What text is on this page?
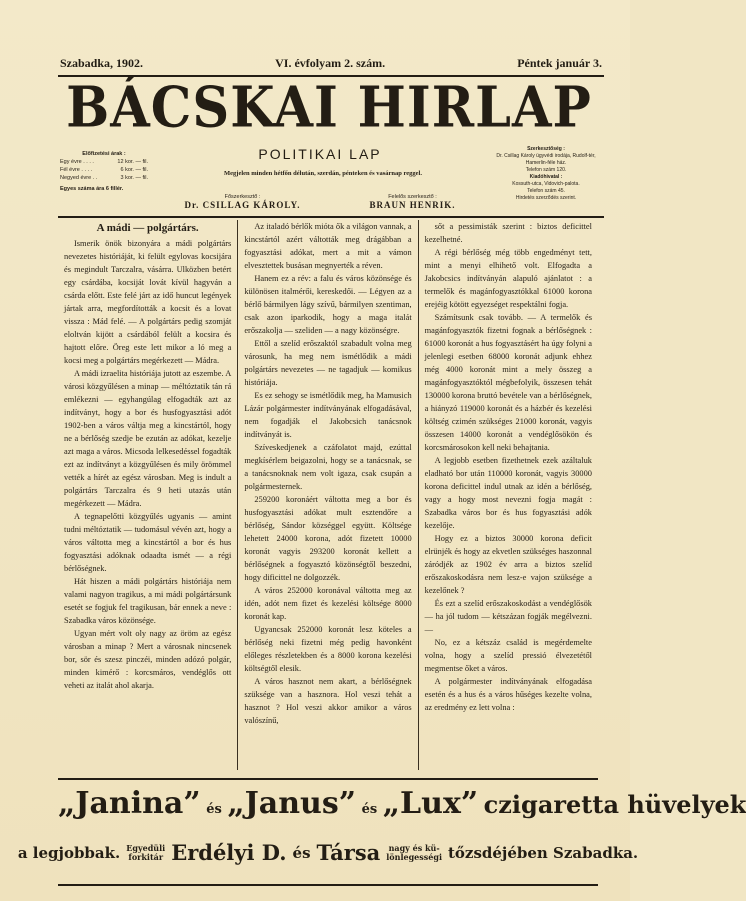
Szabadka, 1902.	VI. évfolyam 2. szám.	Péntek január 3.
BÁCSKAI HIRLAP
POLITIKAI LAP
Megjelen minden hétfőn délután, szerdán, pénteken és vasárnap reggel.
Előfizetési árak :
Egy évre . . . .	12 kor. — fil.
Fél évre . . . .	6 kor. — fil.
Negyed évre . .	3 kor. — fil.
Egyes száma ára 6 fillér.
Szerkesztőség :
Dr. Csillag Károly ügyvédi irodája, Rudolf-tér, Hamerlin-féle ház.
Telefon szám 120.
Kiadóhivatal :
Kossuth-utca, Vidovich-palota.
Telefon szám 45.
Hirdetés szerződés szerint.
Főszerkesztő :
Dr. CSILLAG KÁROLY.
Felelős szerkesztő :
BRAUN HENRIK.
A mádi — polgártárs.

Ismerik önök bizonyára a mádi polgártárs nevezetes históriáját, ki felült egylovas kocsijára és megindult Tarczalra, vásárra. Ulközben betért egy csárdába, kocsiját lovát kívül hagyván a csárda előtt. Este felé járt az idő huncut legények jártak arra, megfordították a kocsit és a lovat vissza : Mád felé. — A polgártárs pedig szomját eloltván kijött a csárdából felült a kocsira és hajtott előre. Öreg este lett mikor a ló meg a kocsi meg a polgártárs megérkezett — Mádra.

A mádi izraelita históriája jutott az eszembe. A városi közgyűlésen a minap — méltóztatik tán rá emlékezni — egyhangúlag elfogadták azt az indítványt, hogy a bor és husfogyasztási adót 1902-ben a város váltja meg a kincstártól, hogy ne a bérlőség szedje be ezután az adókat, kezelje azt maga a város. Micsoda lelkesedéssel fogadták ezt az indítványt a közgyűlésen és mily örömmel vették a hírét az egész városban. Meg is indult a polgártárs Tarczalra és 9 heti utazás után megérkezett — Mádra.

A tegnapelőtti közgyűlés ugyanis — amint tudni méltóztatik — tudomásul vévén azt, hogy a város váltotta meg a kincstártól a bor és hus fogyasztási adóknak odaadta ismét — a régi bérlőségnek.

Hát hiszen a mádi polgártárs históriája nem valami nagyon tragikus, a mi mádi polgártársunk esetét se fogjuk fel tragikusan, bár ennek a neve : Szabadka város közönsége.

Ugyan mért volt oly nagy az öröm az egész városban a minap ? Mert a városnak nincsenek bor, sör és szesz pinczéi, minden adózó polgár, minden kimérő : korcsmáros, vendéglős ott veheti az italát ahol akarja.

Az italadó bérlők mióta ők a világon vannak, a kincstártól azért váltották meg drágábban a fogyasztási adókat, mert a mit a vámon elvesztettek busásan megnyerték a réven.

Hanem ez a rév: a falu és város közönsége és különösen italmérői, kereskedői. — Légyen az a bérlő bármilyen lágy szívű, bármilyen szentiman, csak azon iparkodik, hogy a maga italát erőszakolja — szeliden — a nagy közönségre.

Ettől a szelíd erőszaktól szabadult volna meg városunk, ha meg nem ismétlődik a mádi polgártárs nevezetes — ne tagadjuk — komikus históriája.

Es ez sehogy se ismétlődik meg, ha Mamusich Lázár polgármester indítványának elfogadásával, nem fogadják el Jakobcsich tanácsnok indítványát is.

Szíveskedjenek a czáfolatot majd, ezúttal megkísérlem beigazolni, hogy se a tanácsnak, se a tanácsnoknak nem volt igaza, csak csupán a polgármesternek.

259200 koronáért váltotta meg a bor és husfogyasztási adókat mult esztendőre a bérlőség, Sándor községgel együtt. Költsége lehetett 24000 korona, adót fizetett 10000 koronát vagyis 293200 koronát kellett a bérlőségnek a fogyasztó közönségtől beszedni, hogy dificittel ne dolgozzék.

A város 252000 koronával váltotta meg az idén, adót nem fizet és kezelési költsége 8000 koronát kap.

Ugyancsak 252000 koronát lesz köteles a bérlőség neki fizetni még pedig havonként előleges részletekben és a 8000 korona kezelési költségtől elesik.

A város hasznot nem akart, a bérlőségnek szüksége van a hasznora. Hol veszi tehát a hasznot ? Hol veszi akkor amikor a város valószínű,

sőt a pessimisták szerint : biztos deficittel kezelhetné.

A régi bérlőség még több engedményt tett, mint a menyi elhihető volt. Elfogadta a Jakobcsics indítványán alapuló ajánlatot : a termelők és magánfogyasztókkal 61000 korona erejéig kötött egyezséget respektálni fogja.

Számítsunk csak tovább. — A termelők és magánfogyasztók fizetni fognak a bérlőségnek : 61000 koronát a hus fogyasztásért ha úgy folyni a jelenlegi esetben 68000 koronát adjunk ehhez még 4000 koronát mint a mely összeg a magánfogyasztóktól mégbefolyik, összesen tehát 130000 korona bruttó bevétele van a bérlőségnek, a hiányzó 119000 koronát és a házbér és kezelési költség czimén szükséges 21000 koronát, vagyis összesen 14000 koronát a vendéglősökön és korcsmárosokon kell neki behajtania.

A legjobb esetben fizethetnek ezek azáltaluk eladható bor után 110000 koronát, vagyis 30000 korona deficittel indul utnak az idén a bérlőség, vagy a hogy most nevezni fogja magát : Szabadka város bor és hus fogyasztási adók kezelője.

Hogy ez a biztos 30000 korona deficit elrünjék és hogy az ekvetlen szükséges haszonnal záródjék az 1902 év arra a biztos szelíd erőszakoskodásra nem lesz-e vajon szüksége a kezelőnek ?

És ezt a szelíd erőszakoskodást a vendéglősök — ha jól tudom — kétszázan fogják megélvezni. —

No, ez a kétszáz család is megérdemelte volna, hogy a szelíd pressió élvezetétől megmentse őket a város.

A polgármester indítványának elfogadása esetén és a hus és a város hűséges kezelte volna, az eredmény ez lett volna :

„Janina” és „Janus” és „Lux” czigaretta hüvelyek
a legjobbak. Egyedüli
forkitár Erdélyi D. és Társa nagy és kü-
lönlegességi tőzsdéjében Szabadka.
